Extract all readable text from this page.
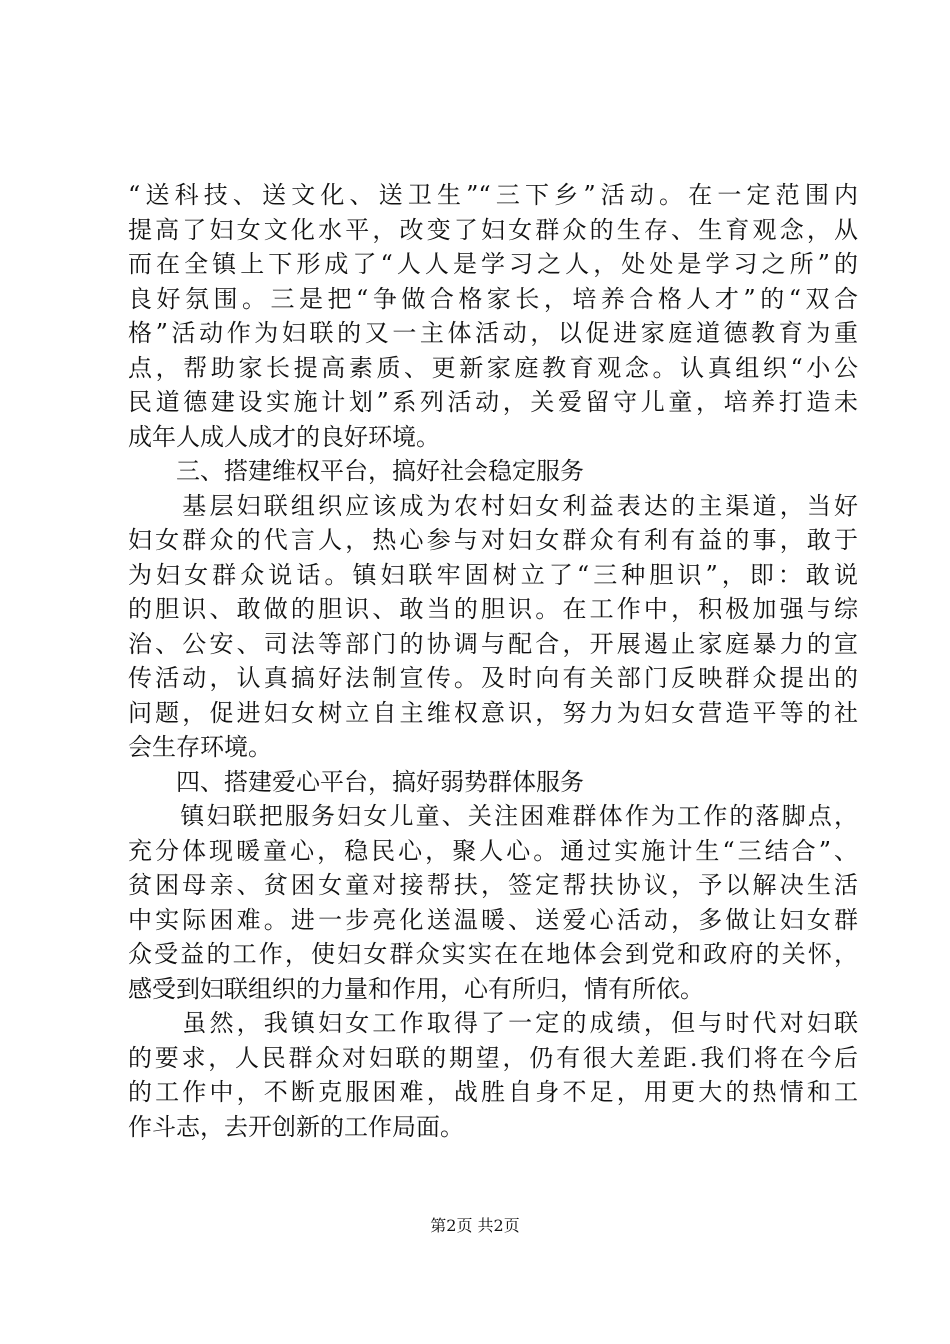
“送科技、送文化、送卫生”“三下乡”活动。在一定范围内
提高了妇女文化水平，改变了妇女群众的生存、生育观念，从
而在全镇上下形成了“人人是学习之人，处处是学习之所”的
良好氛围。三是把“争做合格家长，培养合格人才”的“双合
格”活动作为妇联的又一主体活动，以促进家庭道德教育为重
点，帮助家长提高素质、更新家庭教育观念。认真组织“小公
民道德建设实施计划”系列活动，关爱留守儿童，培养打造未
成年人成人成才的良好环境。
　　三、搭建维权平台，搞好社会稳定服务
　　基层妇联组织应该成为农村妇女利益表达的主渠道，当好
妇女群众的代言人，热心参与对妇女群众有利有益的事，敢于
为妇女群众说话。镇妇联牢固树立了“三种胆识”，即：敢说
的胆识、敢做的胆识、敢当的胆识。在工作中，积极加强与综
治、公安、司法等部门的协调与配合，开展遏止家庭暴力的宣
传活动，认真搞好法制宣传。及时向有关部门反映群众提出的
问题，促进妇女树立自主维权意识，努力为妇女营造平等的社
会生存环境。
　　四、搭建爱心平台，搞好弱势群体服务
　　镇妇联把服务妇女儿童、关注困难群体作为工作的落脚点，
充分体现暖童心，稳民心，聚人心。通过实施计生“三结合”、
贫困母亲、贫困女童对接帮扶，签定帮扶协议，予以解决生活
中实际困难。进一步亮化送温暖、送爱心活动，多做让妇女群
众受益的工作，使妇女群众实实在在地体会到党和政府的关怀，
感受到妇联组织的力量和作用，心有所归，情有所依。
　　虽然，我镇妇女工作取得了一定的成绩，但与时代对妇联
的要求，人民群众对妇联的期望，仍有很大差距.我们将在今后
的工作中，不断克服困难，战胜自身不足，用更大的热情和工
作斗志，去开创新的工作局面。
第2页 共2页
